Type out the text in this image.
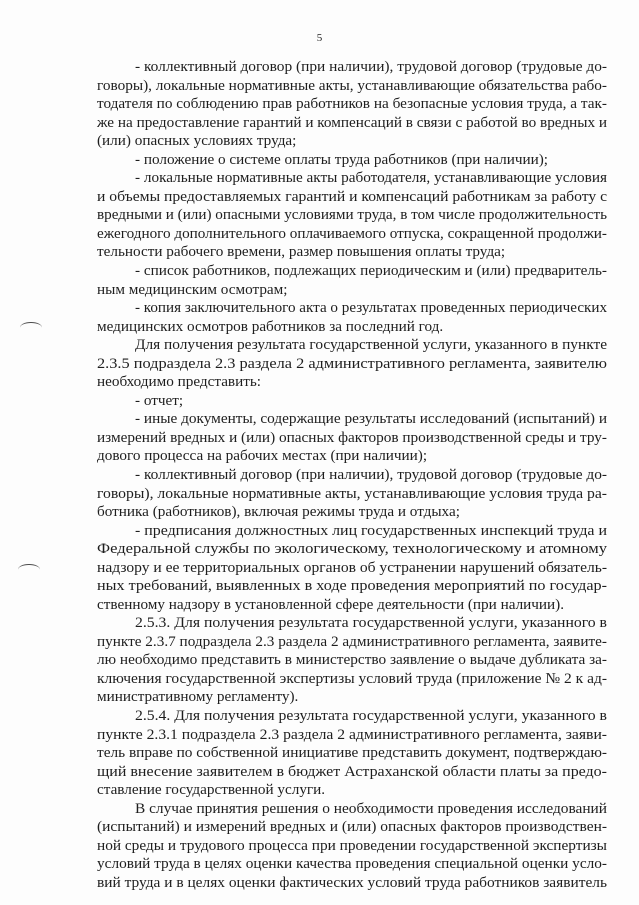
5
- коллективный договор (при наличии), трудовой договор (трудовые до-
говоры), локальные нормативные акты, устанавливающие обязательства рабо-
тодателя по соблюдению прав работников на безопасные условия труда, а так-
же на предоставление гарантий и компенсаций в связи с работой во вредных и
(или) опасных условиях труда;
- положение о системе оплаты труда работников (при наличии);
- локальные нормативные акты работодателя, устанавливающие условия
и объемы предоставляемых гарантий и компенсаций работникам за работу с
вредными и (или) опасными условиями труда, в том числе продолжительность
ежегодного дополнительного оплачиваемого отпуска, сокращенной продолжи-
тельности рабочего времени, размер повышения оплаты труда;
- список работников, подлежащих периодическим и (или) предваритель-
ным медицинским осмотрам;
- копия заключительного акта о результатах проведенных периодических
медицинских осмотров работников за последний год.
Для получения результата государственной услуги, указанного в пункте
2.3.5 подраздела 2.3 раздела 2 административного регламента, заявителю
необходимо представить:
- отчет;
- иные документы, содержащие результаты исследований (испытаний) и
измерений вредных и (или) опасных факторов производственной среды и тру-
дового процесса на рабочих местах (при наличии);
- коллективный договор (при наличии), трудовой договор (трудовые до-
говоры), локальные нормативные акты, устанавливающие условия труда ра-
ботника (работников), включая режимы труда и отдыха;
- предписания должностных лиц государственных инспекций труда и
Федеральной службы по экологическому, технологическому и атомному
надзору и ее территориальных органов об устранении нарушений обязатель-
ных требований, выявленных в ходе проведения мероприятий по государ-
ственному надзору в установленной сфере деятельности (при наличии).
2.5.3. Для получения результата государственной услуги, указанного в
пункте 2.3.7 подраздела 2.3 раздела 2 административного регламента, заявите-
лю необходимо представить в министерство заявление о выдаче дубликата за-
ключения государственной экспертизы условий труда (приложение № 2 к ад-
министративному регламенту).
2.5.4. Для получения результата государственной услуги, указанного в
пункте 2.3.1 подраздела 2.3 раздела 2 административного регламента, заяви-
тель вправе по собственной инициативе представить документ, подтверждаю-
щий внесение заявителем в бюджет Астраханской области платы за предо-
ставление государственной услуги.
В случае принятия решения о необходимости проведения исследований
(испытаний) и измерений вредных и (или) опасных факторов производствен-
ной среды и трудового процесса при проведении государственной экспертизы
условий труда в целях оценки качества проведения специальной оценки усло-
вий труда и в целях оценки фактических условий труда работников заявитель
